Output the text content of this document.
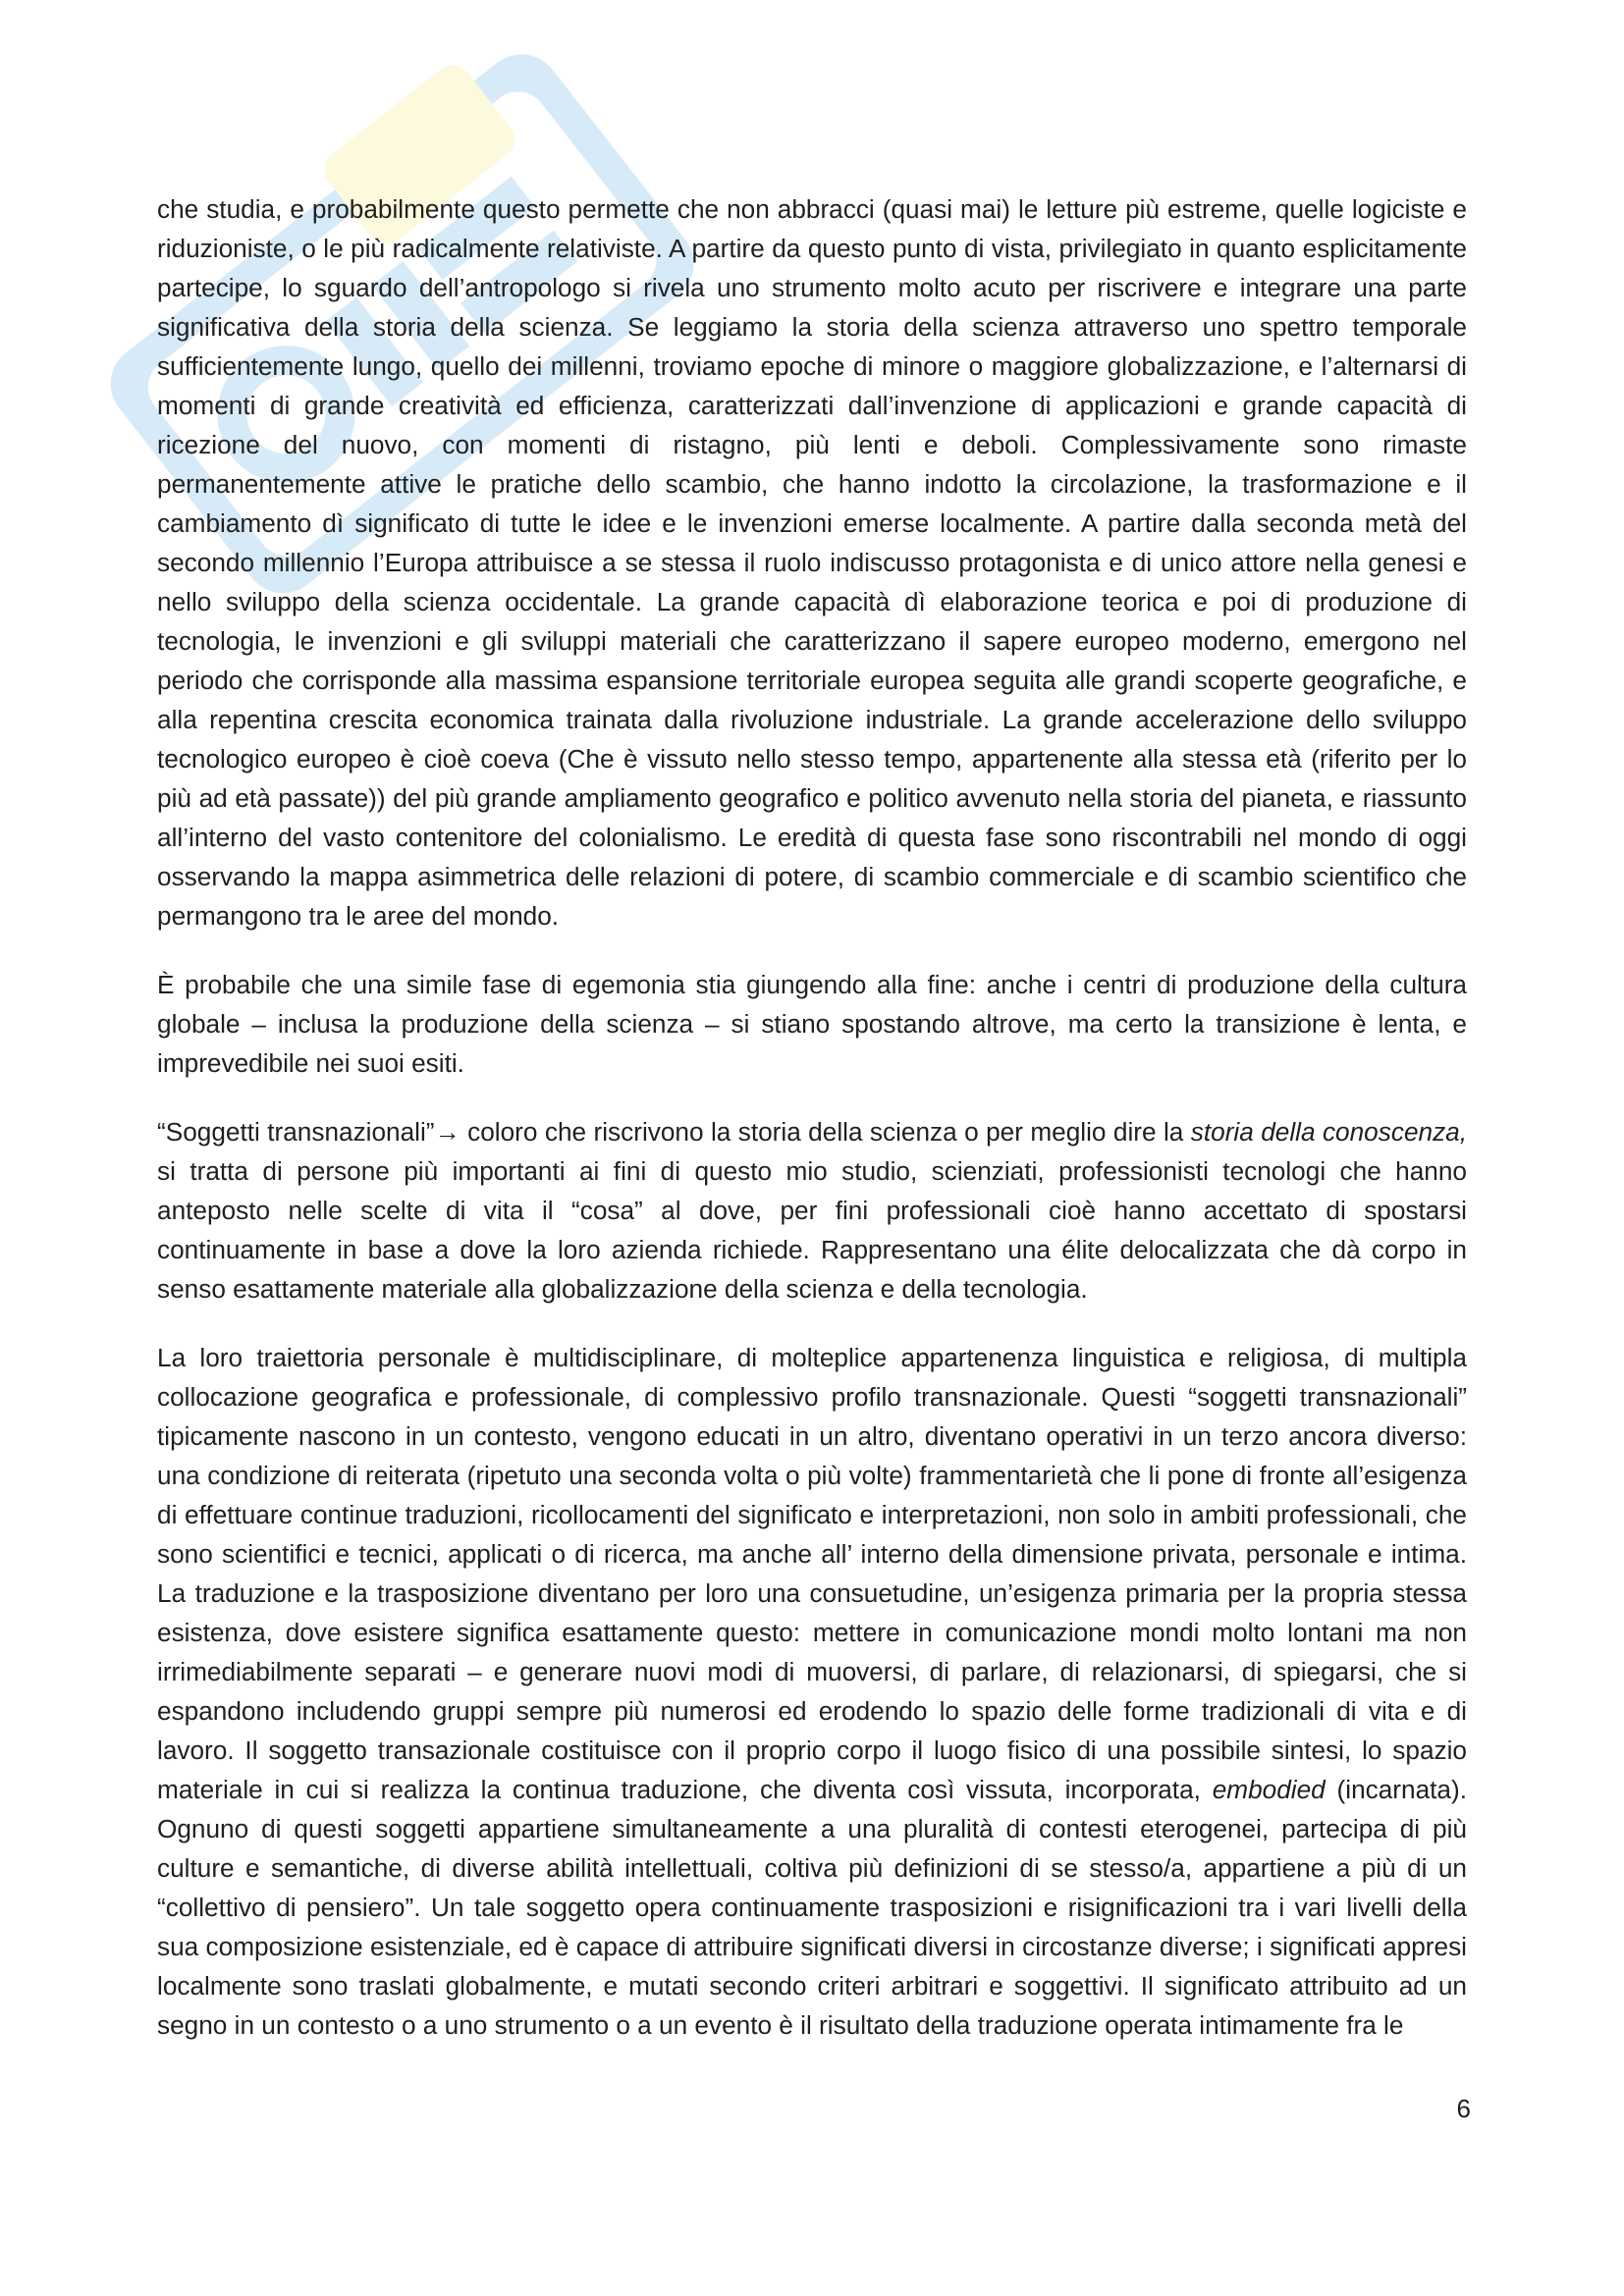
che studia, e probabilmente questo permette che non abbracci (quasi mai) le letture più estreme, quelle logiciste e riduzioniste, o le più radicalmente relativiste. A partire da questo punto di vista, privilegiato in quanto esplicitamente partecipe, lo sguardo dell’antropologo si rivela uno strumento molto acuto per riscrivere e integrare una parte significativa della storia della scienza. Se leggiamo la storia della scienza attraverso uno spettro temporale sufficientemente lungo, quello dei millenni, troviamo epoche di minore o maggiore globalizzazione, e l’alternarsi di momenti di grande creatività ed efficienza, caratterizzati dall’invenzione di applicazioni e grande capacità di ricezione del nuovo, con momenti di ristagno, più lenti e deboli. Complessivamente sono rimaste permanentemente attive le pratiche dello scambio, che hanno indotto la circolazione, la trasformazione e il cambiamento dì significato di tutte le idee e le invenzioni emerse localmente. A partire dalla seconda metà del secondo millennio l’Europa attribuisce a se stessa il ruolo indiscusso protagonista e di unico attore nella genesi e nello sviluppo della scienza occidentale. La grande capacità dì elaborazione teorica e poi di produzione di tecnologia, le invenzioni e gli sviluppi materiali che caratterizzano il sapere europeo moderno, emergono nel periodo che corrisponde alla massima espansione territoriale europea seguita alle grandi scoperte geografiche, e alla repentina crescita economica trainata dalla rivoluzione industriale. La grande accelerazione dello sviluppo tecnologico europeo è cioè coeva (Che è vissuto nello stesso tempo, appartenente alla stessa età (riferito per lo più ad età passate)) del più grande ampliamento geografico e politico avvenuto nella storia del pianeta, e riassunto all’interno del vasto contenitore del colonialismo. Le eredità di questa fase sono riscontrabili nel mondo di oggi osservando la mappa asimmetrica delle relazioni di potere, di scambio commerciale e di scambio scientifico che permangono tra le aree del mondo.

È probabile che una simile fase di egemonia stia giungendo alla fine: anche i centri di produzione della cultura globale – inclusa la produzione della scienza – si stiano spostando altrove, ma certo la transizione è lenta, e imprevedibile nei suoi esiti.

“Soggetti transnazionali”→ coloro che riscrivono la storia della scienza o per meglio dire la storia della conoscenza, si tratta di persone più importanti ai fini di questo mio studio, scienziati, professionisti tecnologi che hanno anteposto nelle scelte di vita il “cosa” al dove, per fini professionali cioè hanno accettato di spostarsi continuamente in base a dove la loro azienda richiede. Rappresentano una élite delocalizzata che dà corpo in senso esattamente materiale alla globalizzazione della scienza e della tecnologia.

La loro traiettoria personale è multidisciplinare, di molteplice appartenenza linguistica e religiosa, di multipla collocazione geografica e professionale, di complessivo profilo transnazionale. Questi “soggetti transnazionali” tipicamente nascono in un contesto, vengono educati in un altro, diventano operativi in un terzo ancora diverso: una condizione di reiterata (ripetuto una seconda volta o più volte) frammentarietà che li pone di fronte all’esigenza di effettuare continue traduzioni, ricollocamenti del significato e interpretazioni, non solo in ambiti professionali, che sono scientifici e tecnici, applicati o di ricerca, ma anche all’ interno della dimensione privata, personale e intima. La traduzione e la trasposizione diventano per loro una consuetudine, un’esigenza primaria per la propria stessa esistenza, dove esistere significa esattamente questo: mettere in comunicazione mondi molto lontani ma non irrimediabilmente separati – e generare nuovi modi di muoversi, di parlare, di relazionarsi, di spiegarsi, che si espandono includendo gruppi sempre più numerosi ed erodendo lo spazio delle forme tradizionali di vita e di lavoro. Il soggetto transazionale costituisce con il proprio corpo il luogo fisico di una possibile sintesi, lo spazio materiale in cui si realizza la continua traduzione, che diventa così vissuta, incorporata, embodied (incarnata). Ognuno di questi soggetti appartiene simultaneamente a una pluralità di contesti eterogenei, partecipa di più culture e semantiche, di diverse abilità intellettuali, coltiva più definizioni di se stesso/a, appartiene a più di un “collettivo di pensiero”. Un tale soggetto opera continuamente trasposizioni e risignificazioni tra i vari livelli della sua composizione esistenziale, ed è capace di attribuire significati diversi in circostanze diverse; i significati appresi localmente sono traslati globalmente, e mutati secondo criteri arbitrari e soggettivi. Il significato attribuito ad un segno in un contesto o a uno strumento o a un evento è il risultato della traduzione operata intimamente fra le

6
